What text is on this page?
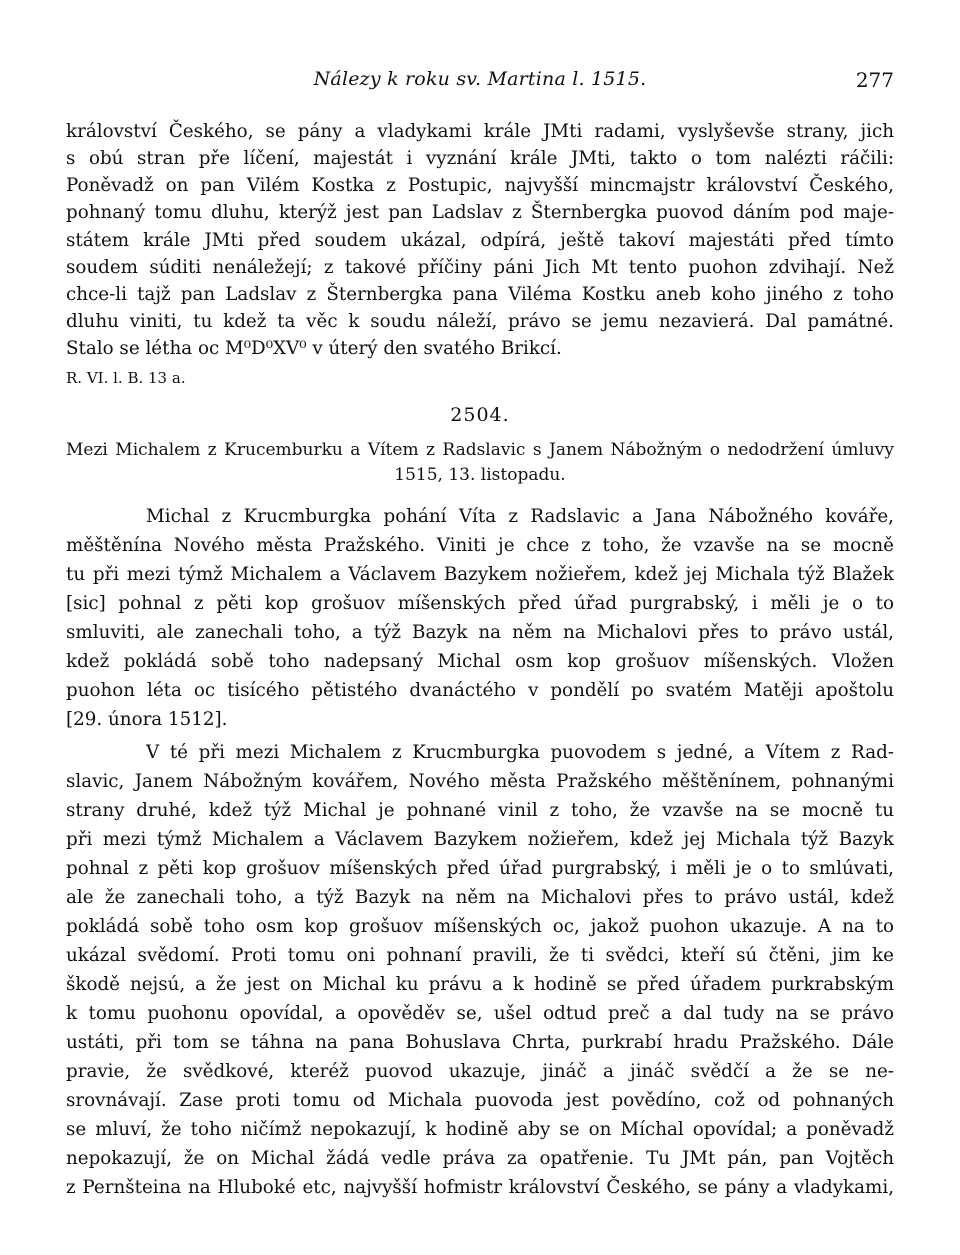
Nálezy k roku sv. Martina l. 1515.	277
království Českého, se pány a vladykami krále JMti radami, vyslyševše strany, jich
s obú stran pře líčení, majestát i vyznání krále JMti, takto o tom nalézti ráčili:
Poněvadž on pan Vilém Kostka z Postupic, najvyšší mincmajstr království Českého,
pohnaný tomu dluhu, kterýž jest pan Ladslav z Šternbergka puovod dáním pod maje-
státem krále JMti před soudem ukázal, odpírá, ještě takoví majestáti před tímto
soudem súditi nenáležejí; z takové příčiny páni Jich Mt tento puohon zdvihají. Než
chce-li tajž pan Ladslav z Šternbergka pana Viléma Kostku aneb koho jiného z toho
dluhu viniti, tu kdež ta věc k soudu náleží, právo se jemu nezavierá. Dal památné.
Stalo se létha oc M⁰D⁰XV⁰ v úterý den svatého Brikcí.
R. VI. l. B. 13 a.
2504.
Mezi Michalem z Krucemburku a Vítem z Radslavic s Janem Nábožným o nedodržení úmluvy
1515, 13. listopadu.
Michal z Krucmburgka pohání Víta z Radslavic a Jana Nábožného kováře,
měštěnína Nového města Pražského. Viniti je chce z toho, že vzavše na se mocně
tu při mezi týmž Michalem a Václavem Bazykem nožieřem, kdež jej Michala týž Blažek
[sic] pohnal z pěti kop grošuov míšenských před úřad purgrabský, i měli je o to
smluviti, ale zanechali toho, a týž Bazyk na něm na Michalovi přes to právo ustál,
kdež pokládá sobě toho nadepsaný Michal osm kop grošuov míšenských. Vložen
puohon léta oc tisícého pětistého dvanáctého v pondělí po svatém Matěji apoštolu
[29. února 1512].
V té při mezi Michalem z Krucmburgka puovodem s jedné, a Vítem z Rad-
slavic, Janem Nábožným kovářem, Nového města Pražského měštěnínem, pohnanými
strany druhé, kdež týž Michal je pohnané vinil z toho, že vzavše na se mocně tu
při mezi týmž Michalem a Václavem Bazykem nožieřem, kdež jej Michala týž Bazyk
pohnal z pěti kop grošuov míšenských před úřad purgrabský, i měli je o to smlúvati,
ale že zanechali toho, a týž Bazyk na něm na Michalovi přes to právo ustál, kdež
pokládá sobě toho osm kop grošuov míšenských oc, jakož puohon ukazuje. A na to
ukázal svědomí. Proti tomu oni pohnaní pravili, že ti svědci, kteří sú čtěni, jim ke
škodě nejsú, a že jest on Michal ku právu a k hodině se před úřadem purkrabským
k tomu puohonu opovídal, a opověděv se, ušel odtud preč a dal tudy na se právo
ustáti, při tom se táhna na pana Bohuslava Chrta, purkrabí hradu Pražského. Dále
pravie, že svědkové, kteréž puovod ukazuje, jináč a jináč svědčí a že se ne-
srovnávají. Zase proti tomu od Michala puovoda jest povědíno, což od pohnaných
se mluví, že toho ničímž nepokazují, k hodině aby se on Míchal opovídal; a poněvadž
nepokazují, že on Michal žádá vedle práva za opatřenie. Tu JMt pán, pan Vojtěch
z Pernšteina na Hluboké etc, najvyšší hofmistr království Českého, se pány a vladykami,
